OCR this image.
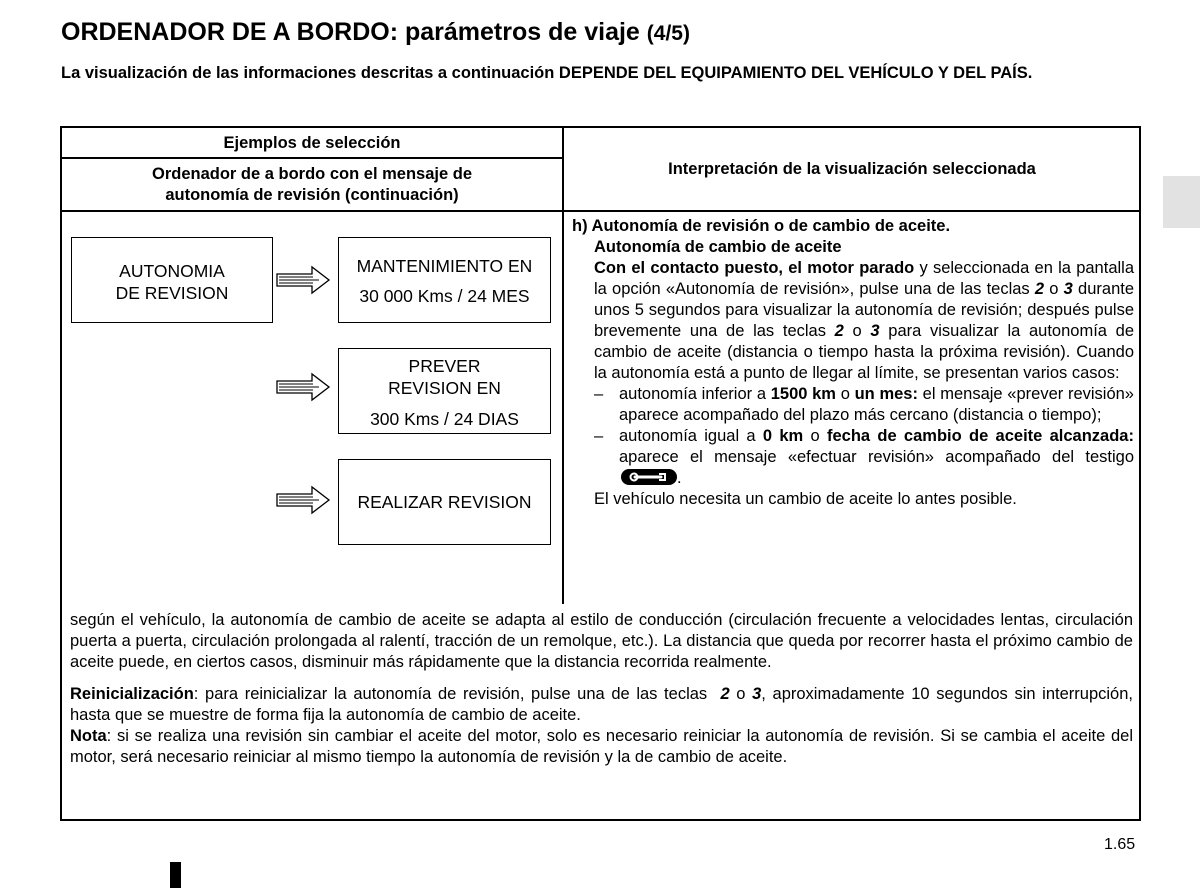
ORDENADOR DE A BORDO: parámetros de viaje (4/5)
La visualización de las informaciones descritas a continuación DEPENDE DEL EQUIPAMIENTO DEL VEHÍCULO Y DEL PAÍS.
Ejemplos de selección
Ordenador de a bordo con el mensaje de
autonomía de revisión (continuación)
Interpretación de la visualización seleccionada
AUTONOMIA
DE REVISION
MANTENIMIENTO EN
30 000 Kms / 24 MES
PREVER
REVISION EN
300 Kms / 24 DIAS
REALIZAR REVISION

h) Autonomía de revisión o de cambio de aceite.

Autonomía de cambio de aceite

Con el contacto puesto, el motor parado y seleccionada en la pantalla la opción «Autonomía de revisión», pulse una de las teclas 2 o 3 durante unos 5 segundos para visualizar la autonomía de revisión; después pulse brevemente una de las teclas 2 o 3 para visualizar la autonomía de cambio de aceite (distancia o tiempo hasta la próxima revisión). Cuando la autonomía está a punto de llegar al límite, se presentan varios casos:

– autonomía inferior a 1500 km o un mes: el mensaje «prever revisión» aparece acompañado del plazo más cercano (distancia o tiempo);

– autonomía igual a 0 km o fecha de cambio de aceite alcanzada: aparece el mensaje «efectuar revisión» acompañado del testigo
.

El vehículo necesita un cambio de aceite lo antes posible.

según el vehículo, la autonomía de cambio de aceite se adapta al estilo de conducción (circulación frecuente a velocidades lentas, circulación puerta a puerta, circulación prolongada al ralentí, tracción de un remolque, etc.). La distancia que queda por recorrer hasta el próximo cambio de aceite puede, en ciertos casos, disminuir más rápidamente que la distancia recorrida realmente.

Reinicialización: para reinicializar la autonomía de revisión, pulse una de las teclas  2 o 3, aproximadamente 10 segundos sin interrupción, hasta que se muestre de forma fija la autonomía de cambio de aceite.

Nota: si se realiza una revisión sin cambiar el aceite del motor, solo es necesario reiniciar la autonomía de revisión. Si se cambia el aceite del motor, será necesario reiniciar al mismo tiempo la autonomía de revisión y la de cambio de aceite.

1.65
